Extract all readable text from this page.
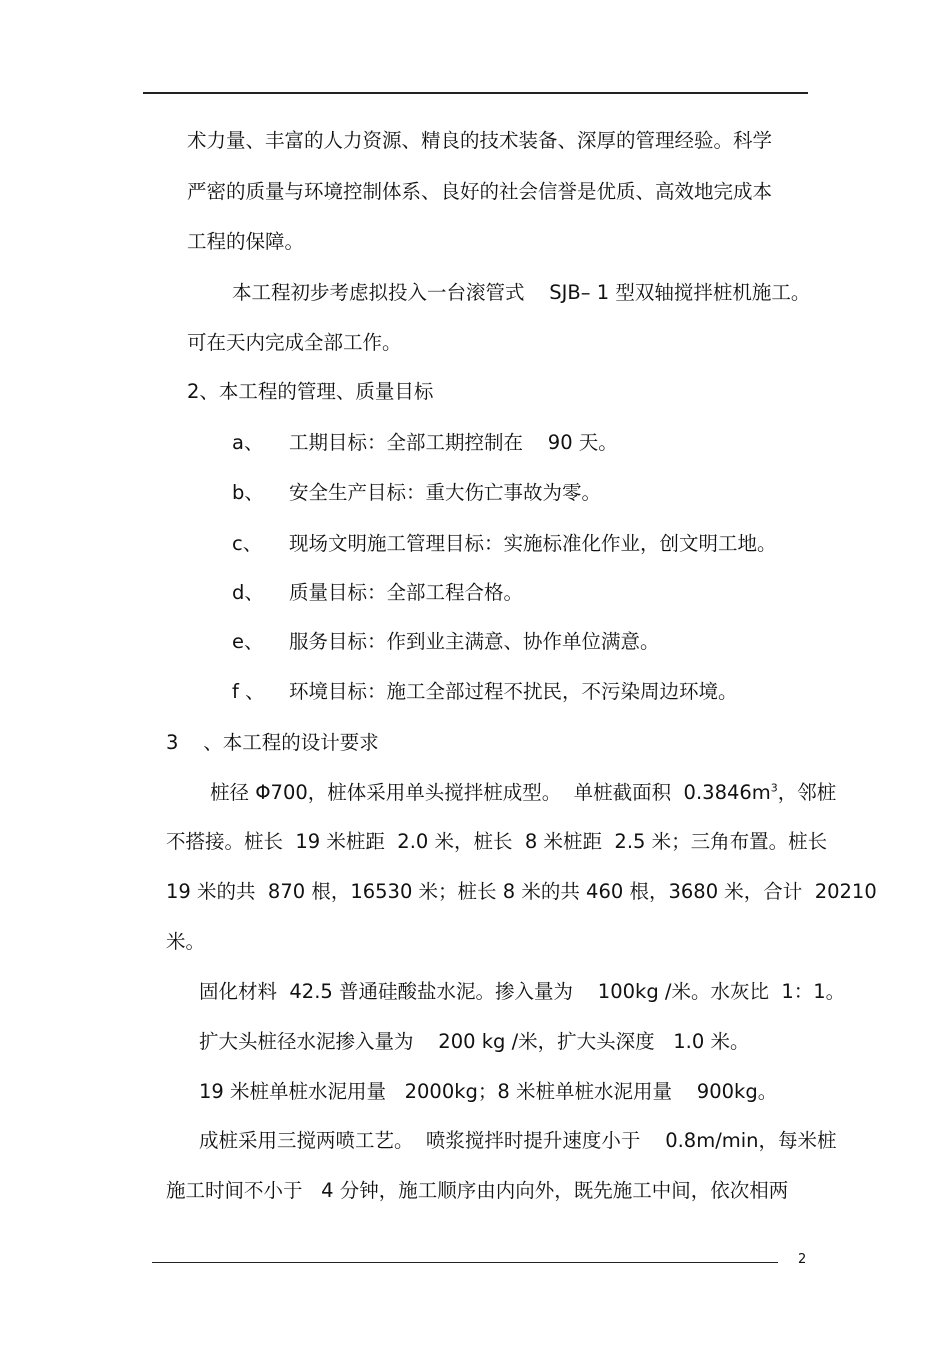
术力量、丰富的人力资源、精良的技术装备、深厚的管理经验。科学
严密的质量与环境控制体系、良好的社会信誉是优质、高效地完成本
工程的保障。
本工程初步考虑拟投入一台滚管式    SJB– 1 型双轴搅拌桩机施工。
可在天内完成全部工作。
2、本工程的管理、质量目标
a、 工期目标：全部工期控制在    90 天。
b、 安全生产目标：重大伤亡事故为零。
c、 现场文明施工管理目标：实施标准化作业，创文明工地。
d、 质量目标：全部工程合格。
e、 服务目标：作到业主满意、协作单位满意。
f 、 环境目标：施工全部过程不扰民，不污染周边环境。
3    、本工程的设计要求
桩径 Φ700，桩体采用单头搅拌桩成型。  单桩截面积  $0.3846m^3$，邻桩
不搭接。桩长  19 米桩距  2.0 米，桩长  8 米桩距  2.5 米；三角布置。桩长
19 米的共  870 根，16530 米；桩长 8 米的共 460 根，3680 米，合计  20210
米。
固化材料  42.5 普通硅酸盐水泥。掺入量为    100kg /米。水灰比  1：1。
扩大头桩径水泥掺入量为    200 kg /米，扩大头深度   1.0 米。
19 米桩单桩水泥用量   2000kg；8 米桩单桩水泥用量    900kg。
成桩采用三搅两喷工艺。  喷浆搅拌时提升速度小于    0.8m/min，每米桩
施工时间不小于   4 分钟，施工顺序由内向外，既先施工中间，依次相两
2
